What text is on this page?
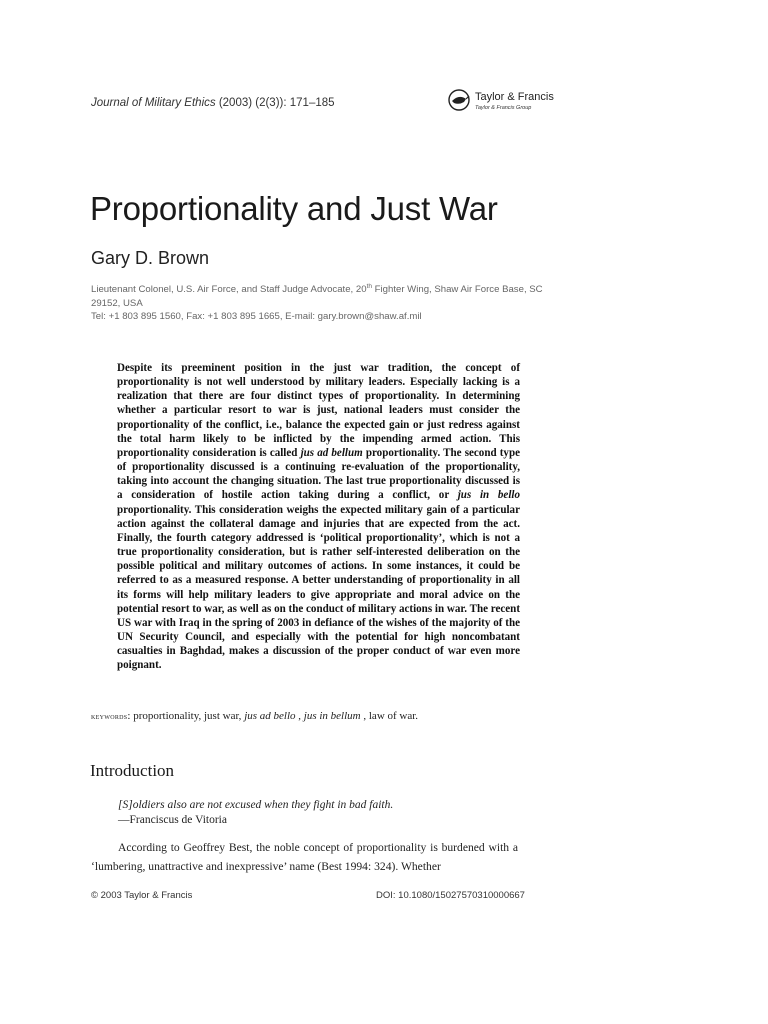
Journal of Military Ethics (2003) (2(3)): 171–185	Taylor & Francis
Taylor & Francis Group
Proportionality and Just War
Gary D. Brown
Lieutenant Colonel, U.S. Air Force, and Staff Judge Advocate, 20th Fighter Wing, Shaw Air Force Base, SC 29152, USA
Tel: +1 803 895 1560, Fax: +1 803 895 1665, E-mail: gary.brown@shaw.af.mil
Despite its preeminent position in the just war tradition, the concept of proportionality is not well understood by military leaders. Especially lacking is a realization that there are four distinct types of proportionality. In determining whether a particular resort to war is just, national leaders must consider the proportionality of the conflict, i.e., balance the expected gain or just redress against the total harm likely to be inflicted by the impending armed action. This proportionality consideration is called jus ad bellum proportionality. The second type of proportionality discussed is a continuing re-evaluation of the proportionality, taking into account the changing situation. The last true proportionality discussed is a consideration of hostile action taking during a conflict, or jus in bello proportionality. This consideration weighs the expected military gain of a particular action against the collateral damage and injuries that are expected from the act. Finally, the fourth category addressed is ‘political proportionality’, which is not a true proportionality consideration, but is rather self-interested deliberation on the possible political and military outcomes of actions. In some instances, it could be referred to as a measured response. A better understanding of proportionality in all its forms will help military leaders to give appropriate and moral advice on the potential resort to war, as well as on the conduct of military actions in war. The recent US war with Iraq in the spring of 2003 in defiance of the wishes of the majority of the UN Security Council, and especially with the potential for high noncombatant casualties in Baghdad, makes a discussion of the proper conduct of war even more poignant.
keywords: proportionality, just war, jus ad bello , jus in bellum , law of war.
Introduction
[S]oldiers also are not excused when they fight in bad faith.
—Franciscus de Vitoria

According to Geoffrey Best, the noble concept of proportionality is burdened with a ‘lumbering, unattractive and inexpressive’ name (Best 1994: 324). Whether

© 2003 Taylor & Francis	DOI: 10.1080/15027570310000667
